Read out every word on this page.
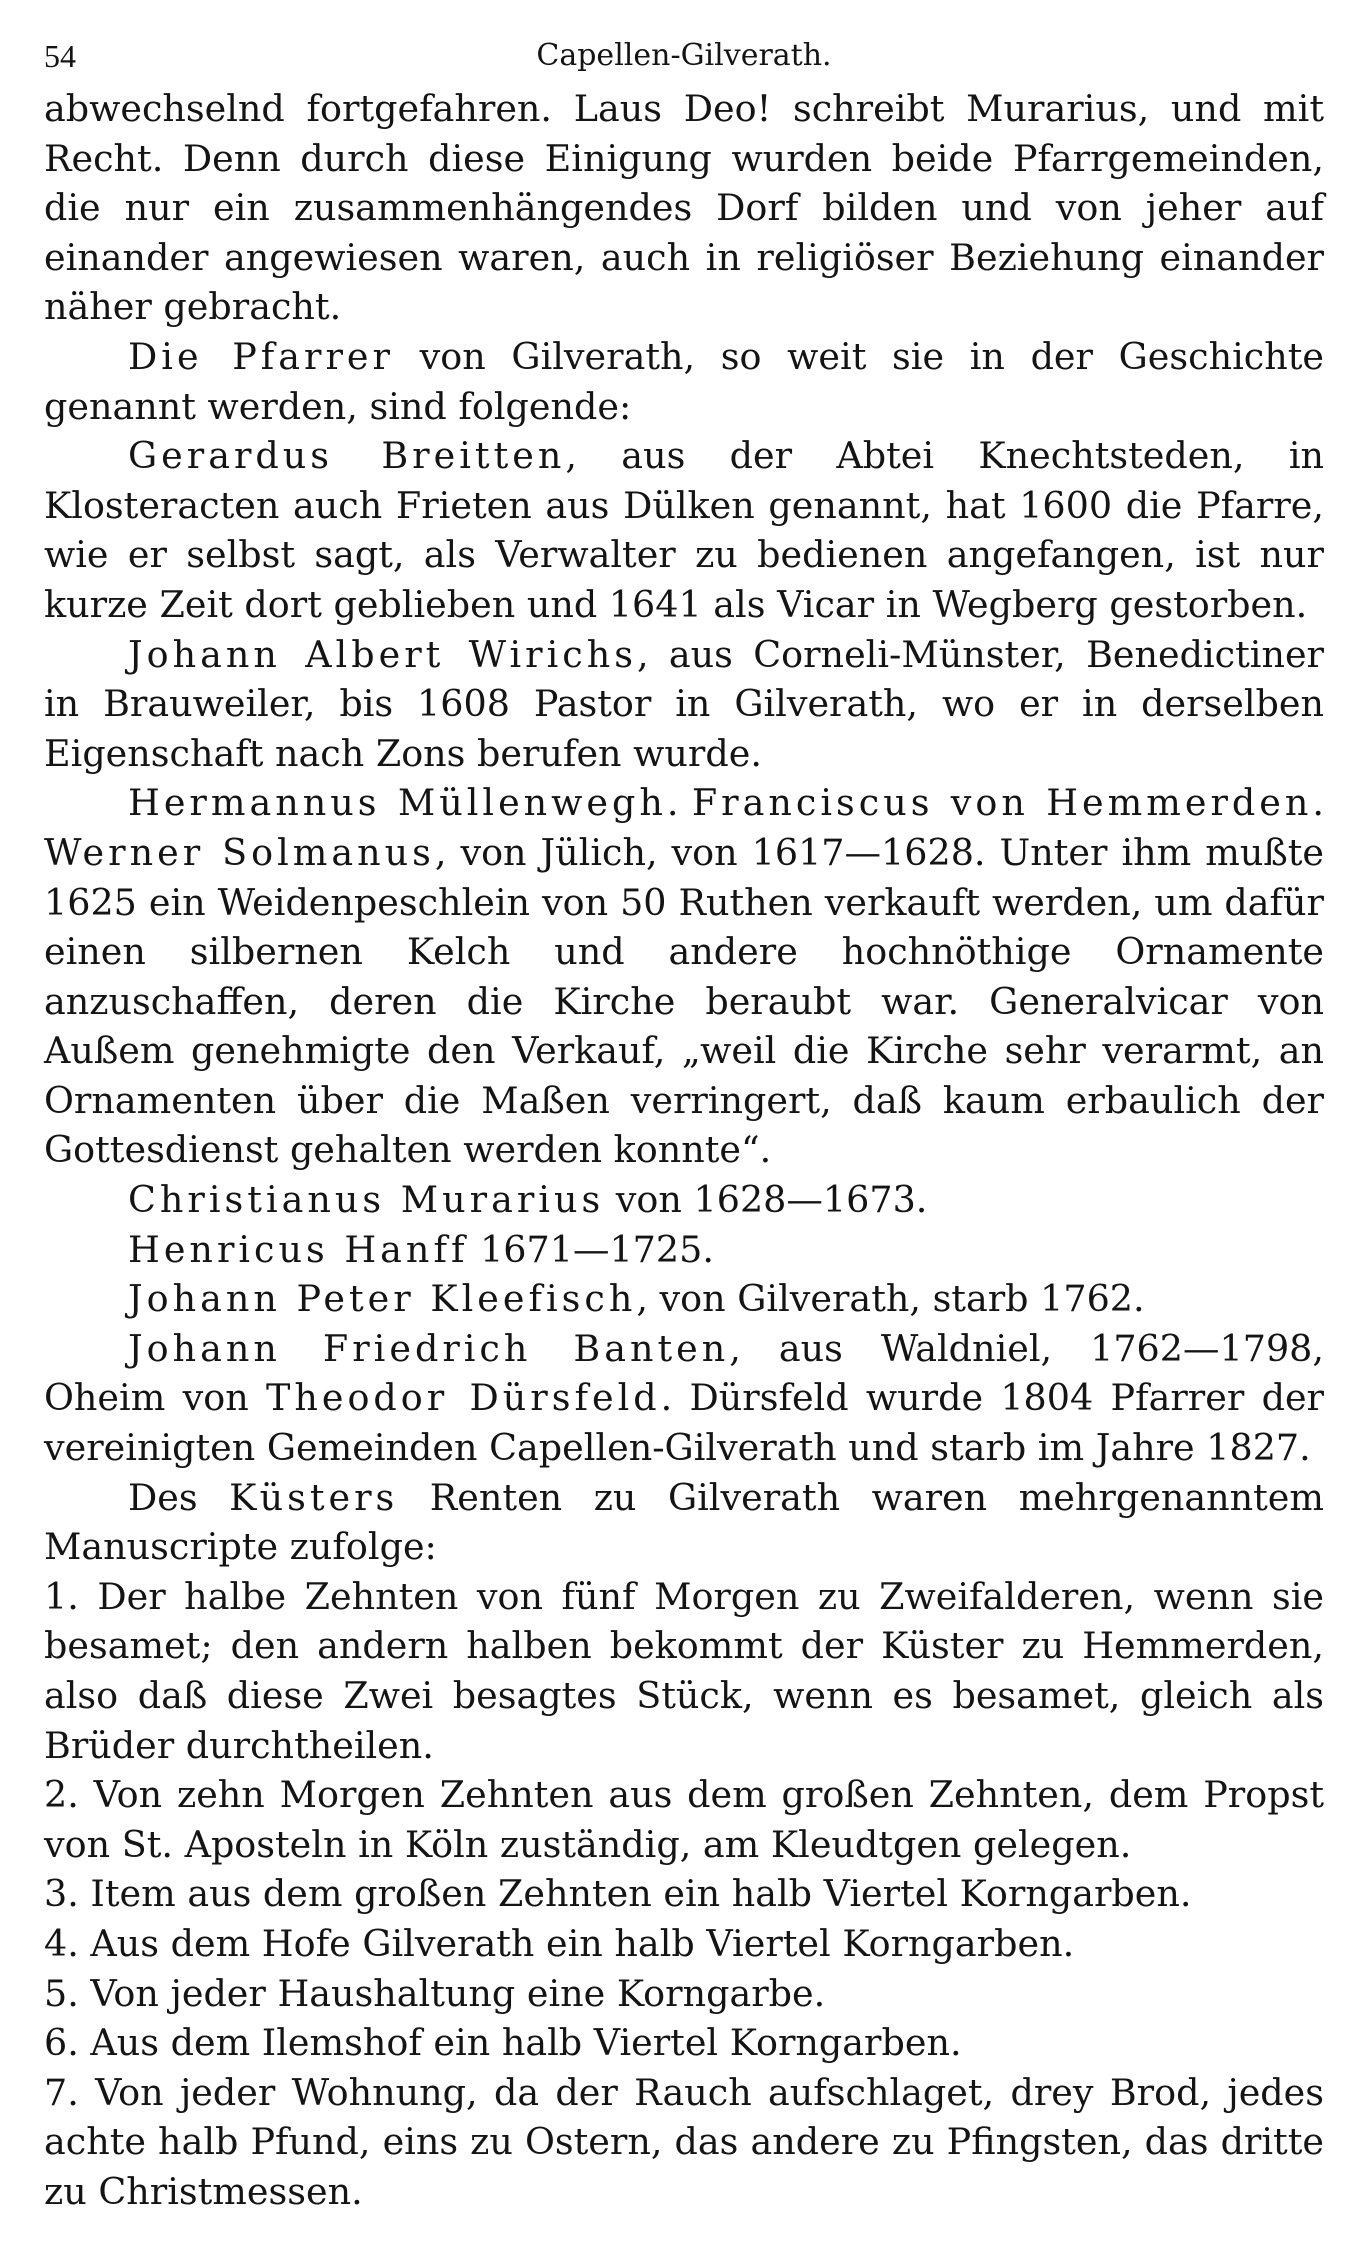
54	Capellen-Gilverath.

abwechselnd fortgefahren. Laus Deo! schreibt Murarius, und mit Recht. Denn durch diese Einigung wurden beide Pfarrgemeinden, die nur ein zusammenhängendes Dorf bilden und von jeher auf einander angewiesen waren, auch in religiöser Beziehung einander näher gebracht.

Die Pfarrer von Gilverath, so weit sie in der Geschichte genannt werden, sind folgende:

Gerardus Breitten, aus der Abtei Knechtsteden, in Klosteracten auch Frieten aus Dülken genannt, hat 1600 die Pfarre, wie er selbst sagt, als Verwalter zu bedienen angefangen, ist nur kurze Zeit dort geblieben und 1641 als Vicar in Wegberg gestorben.

Johann Albert Wirichs, aus Corneli-Münster, Benedictiner in Brauweiler, bis 1608 Pastor in Gilverath, wo er in derselben Eigenschaft nach Zons berufen wurde.

Hermannus Müllenwegh. Franciscus von Hemmerden. Werner Solmanus, von Jülich, von 1617—1628. Unter ihm mußte 1625 ein Weidenpeschlein von 50 Ruthen verkauft werden, um dafür einen silbernen Kelch und andere hochnöthige Ornamente anzuschaffen, deren die Kirche beraubt war. Generalvicar von Außem genehmigte den Verkauf, „weil die Kirche sehr verarmt, an Ornamenten über die Maßen verringert, daß kaum erbaulich der Gottesdienst gehalten werden konnte“.

Christianus Murarius von 1628—1673.

Henricus Hanff 1671—1725.

Johann Peter Kleefisch, von Gilverath, starb 1762.

Johann Friedrich Banten, aus Waldniel, 1762—1798, Oheim von Theodor Dürsfeld. Dürsfeld wurde 1804 Pfarrer der vereinigten Gemeinden Capellen-Gilverath und starb im Jahre 1827.

Des Küsters Renten zu Gilverath waren mehrgenanntem Manuscripte zufolge:

1. Der halbe Zehnten von fünf Morgen zu Zweifalderen, wenn sie besamet; den andern halben bekommt der Küster zu Hemmerden, also daß diese Zwei besagtes Stück, wenn es besamet, gleich als Brüder durchtheilen.

2. Von zehn Morgen Zehnten aus dem großen Zehnten, dem Propst von St. Aposteln in Köln zuständig, am Kleudtgen gelegen.

3. Item aus dem großen Zehnten ein halb Viertel Korngarben.

4. Aus dem Hofe Gilverath ein halb Viertel Korngarben.

5. Von jeder Haushaltung eine Korngarbe.

6. Aus dem Ilemshof ein halb Viertel Korngarben.

7. Von jeder Wohnung, da der Rauch aufschlaget, drey Brod, jedes achte halb Pfund, eins zu Ostern, das andere zu Pfingsten, das dritte zu Christmessen.
